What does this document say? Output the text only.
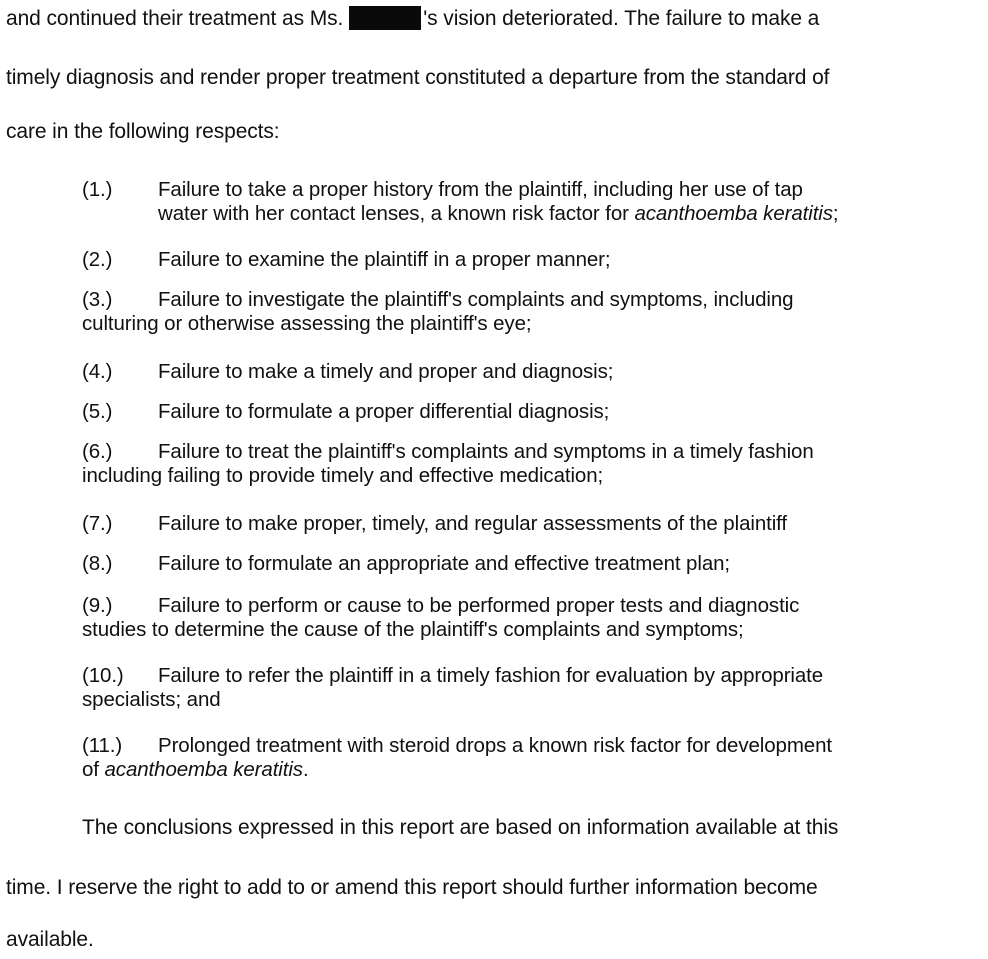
and continued their treatment as Ms.	's vision deteriorated. The failure to make a
timely diagnosis and render proper treatment constituted a departure from the standard of
care in the following respects:
(1.) Failure to take a proper history from the plaintiff, including her use of tap
water with her contact lenses, a known risk factor for acanthoemba keratitis;
(2.) Failure to examine the plaintiff in a proper manner;
(3.) Failure to investigate the plaintiff's complaints and symptoms, including
culturing or otherwise assessing the plaintiff's eye;
(4.) Failure to make a timely and proper and diagnosis;
(5.) Failure to formulate a proper differential diagnosis;
(6.) Failure to treat the plaintiff's complaints and symptoms in a timely fashion
including failing to provide timely and effective medication;
(7.) Failure to make proper, timely, and regular assessments of the plaintiff
(8.) Failure to formulate an appropriate and effective treatment plan;
(9.) Failure to perform or cause to be performed proper tests and diagnostic
studies to determine the cause of the plaintiff's complaints and symptoms;
(10.) Failure to refer the plaintiff in a timely fashion for evaluation by appropriate
specialists; and
(11.) Prolonged treatment with steroid drops a known risk factor for development
of acanthoemba keratitis.
The conclusions expressed in this report are based on information available at this
time. I reserve the right to add to or amend this report should further information become
available.
